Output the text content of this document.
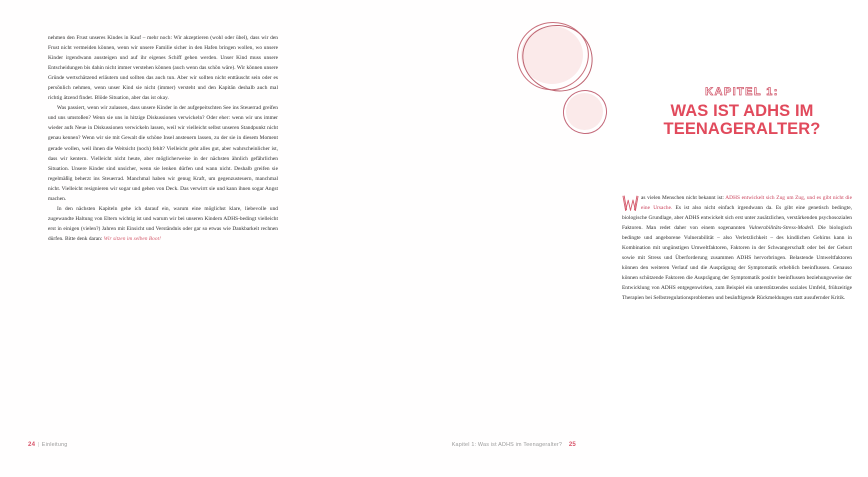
nehmen den Frust unseres Kindes in Kauf – mehr noch: Wir akzeptieren (wohl oder übel), dass wir den Frust nicht vermeiden können, wenn wir unsere Familie sicher in den Hafen bringen wollen, wo unsere Kinder irgendwann aussteigen und auf ihr eigenes Schiff gehen werden. Unser Kind muss unsere Entscheidungen bis dahin nicht immer verstehen können (auch wenn das schön wäre). Wir können unsere Gründe wertschätzend erläutern und sollten das auch tun. Aber wir sollten nicht enttäuscht sein oder es persönlich nehmen, wenn unser Kind sie nicht (immer) versteht und den Kapitän deshalb auch mal richtig ätzend findet. Blöde Situation, aber das ist okay.

Was passiert, wenn wir zulassen, dass unsere Kinder in der aufgepeitschten See ins Steuerrad greifen und uns umstoßen? Wenn sie uns in hitzige Diskussionen verwickeln? Oder eher: wenn wir uns immer wieder aufs Neue in Diskussionen verwickeln lassen, weil wir vielleicht selbst unseren Standpunkt nicht genau kennen? Wenn wir sie mit Gewalt die schöne Insel ansteuern lassen, zu der sie in diesem Moment gerade wollen, weil ihnen die Weitsicht (noch) fehlt? Vielleicht geht alles gut, aber wahrscheinlicher ist, dass wir kentern. Vielleicht nicht heute, aber möglicherweise in der nächsten ähnlich gefährlichen Situation. Unsere Kinder sind unsicher, wenn sie lenken dürfen und wann nicht. Deshalb greifen sie regelmäßig beherzt ins Steuerrad. Manchmal haben wir genug Kraft, um gegenzusteuern, manchmal nicht. Vielleicht resignieren wir sogar und gehen von Deck. Das verwirrt sie und kann ihnen sogar Angst machen.

In den nächsten Kapiteln gehe ich darauf ein, warum eine möglichst klare, liebevolle und zugewandte Haltung von Eltern wichtig ist und warum wir bei unseren Kindern ADHS-bedingt vielleicht erst in einigen (vielen?) Jahren mit Einsicht und Verständnis oder gar so etwas wie Dankbarkeit rechnen dürfen. Bitte denk daran: Wir sitzen im selben Boot!

24 | Einleitung
KAPITEL 1:
WAS IST ADHS IM TEENAGERALTER?

as vielen Menschen nicht bekannt ist: ADHS entwickelt sich Zug um Zug, und es gibt nicht die eine Ursache. Es ist also nicht einfach irgendwann da. Es gibt eine genetisch bedingte, biologische Grundlage, aber ADHS entwickelt sich erst unter zusätzlichen, verstärkenden psychosozialen Faktoren. Man redet daher von einem sogenannten Vulnerabilitäts-Stress-Modell. Die biologisch bedingte und angeborene Vulnerabilität – also Verletzlichkeit – des kindlichen Gehirns kann in Kombination mit ungünstigen Umweltfaktoren, Faktoren in der Schwangerschaft oder bei der Geburt sowie mit Stress und Überforderung zusammen ADHS hervorbringen. Belastende Umweltfaktoren können den weiteren Verlauf und die Ausprägung der Symptomatik erheblich beeinflussen. Genauso können schützende Faktoren die Ausprägung der Symptomatik positiv beeinflussen beziehungsweise der Entwicklung von ADHS entgegenwirken, zum Beispiel ein unterstützendes soziales Umfeld, frühzeitige Therapien bei Selbstregulationsproblemen und besänftigende Rückmeldungen statt ausufernder Kritik.

Kapitel 1: Was ist ADHS im Teenageralter? 25
